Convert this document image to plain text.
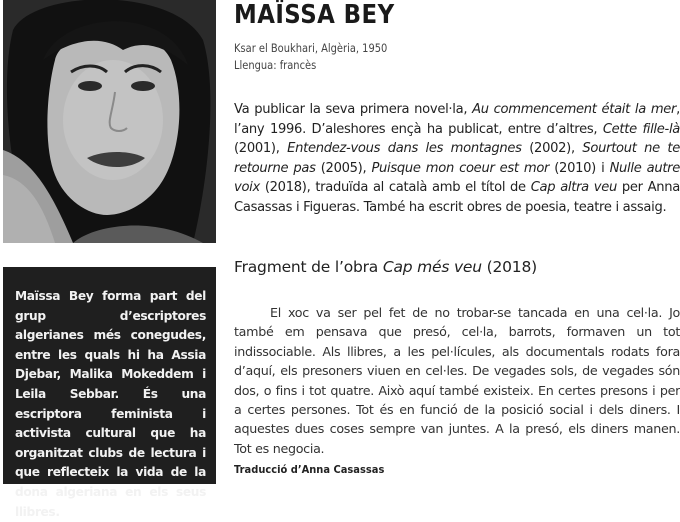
MAÏSSA BEY
Ksar el Boukhari, Algèria, 1950
Llengua: francès

Va publicar la seva primera novel·la, Au commencement était la mer, l’any 1996. D’aleshores ençà ha publicat, entre d’altres, Cette fille-là (2001), Entendez-vous dans les montagnes (2002), Sourtout ne te retourne pas (2005), Puisque mon coeur est mor (2010) i Nulle autre voix (2018), traduïda al català amb el títol de Cap altra veu per Anna Casassas i Figueras. També ha escrit obres de poesia, teatre i assaig.

Maïssa Bey forma part del grup d’escriptores algerianes més conegudes, entre les quals hi ha Assia Djebar, Malika Mokeddem i Leila Sebbar. És una escriptora feminista i activista cultural que ha organitzat clubs de lectura i que reflecteix la vida de la dona algeriana en els seus llibres.
Fragment de l’obra Cap més veu (2018)

El xoc va ser pel fet de no trobar-se tancada en una cel·la. Jo també em pensava que presó, cel·la, barrots, formaven un tot indissociable. Als llibres, a les pel·lícules, als documentals rodats fora d’aquí, els presoners viuen en cel·les. De vegades sols, de vegades són dos, o fins i tot quatre. Això aquí també existeix. En certes presons i per a certes persones. Tot és en funció de la posició social i dels diners. I aquestes dues coses sempre van juntes. A la presó, els diners manen. Tot es negocia.

Traducció d’Anna Casassas
